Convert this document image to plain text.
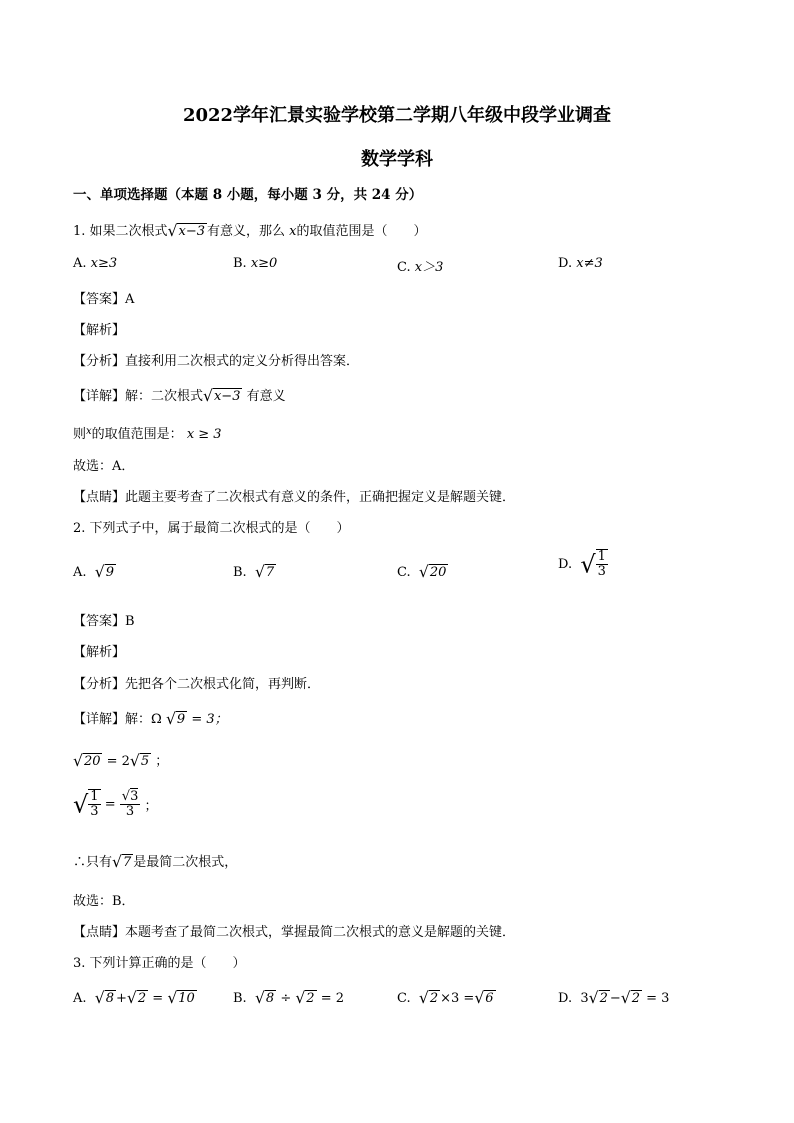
2022学年汇景实验学校第二学期八年级中段学业调查
数学学科
一、单项选择题（本题 8 小题，每小题 3 分，共 24 分）
1. 如果二次根式√x−3 有意义，那么 x的取值范围是（　　）
A. x≥3	B. x≥0	C. x＞3	D. x≠3
【答案】A
【解析】
【分析】直接利用二次根式的定义分析得出答案．
【详解】解：二次根式√x−3 有意义
则$^x$的取值范围是： x ≥ 3
故选：A．
【点睛】此题主要考查了二次根式有意义的条件，正确把握定义是解题关键．
2. 下列式子中，属于最简二次根式的是（　　）
A. √9	B. √7	C. √20
D. √ $\frac{1}{3}$
【答案】B
【解析】
【分析】先把各个二次根式化简，再判断．
【详解】解：Ω √9 = 3；
√20 = 2√5 ；
√ $\frac{1}{3} = \frac{√3}{3}$ ；
∴只有√7 是最简二次根式，
故选：B．
【点睛】本题考查了最简二次根式，掌握最简二次根式的意义是解题的关键．
3. 下列计算正确的是（　　）
A. √8 +√2 = √10	B. √8 ÷ √2 = 2	C. √2 ×3 =√6	D. 3√2 −√2 = 3
